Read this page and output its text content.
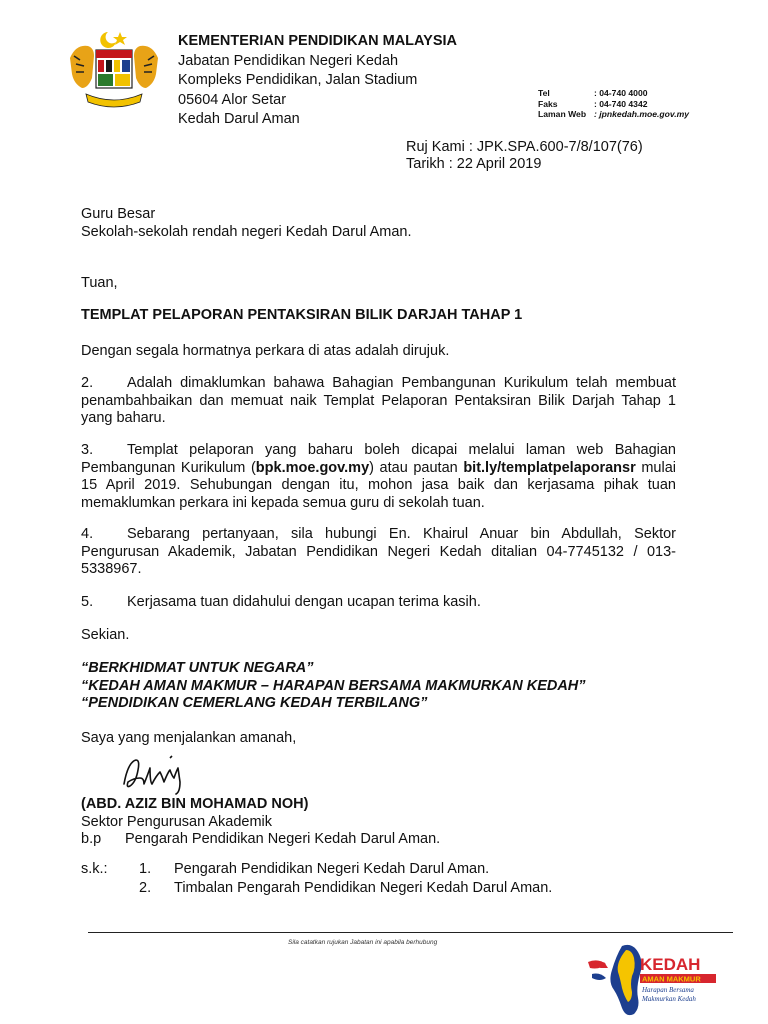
KEMENTERIAN PENDIDIKAN MALAYSIA
Jabatan Pendidikan Negeri Kedah
Kompleks Pendidikan, Jalan Stadium
05604 Alor Setar
Kedah Darul Aman
Tel	: 04-740 4000
Faks	: 04-740 4342
Laman Web : jpnkedah.moe.gov.my
Ruj Kami : JPK.SPA.600-7/8/107(76)
Tarikh : 22 April 2019
Guru Besar
Sekolah-sekolah rendah negeri Kedah Darul Aman.
Tuan,
TEMPLAT PELAPORAN PENTAKSIRAN BILIK DARJAH TAHAP 1
Dengan segala hormatnya perkara di atas adalah dirujuk.
2. Adalah dimaklumkan bahawa Bahagian Pembangunan Kurikulum telah membuat penambahbaikan dan memuat naik Templat Pelaporan Pentaksiran Bilik Darjah Tahap 1 yang baharu.
3. Templat pelaporan yang baharu boleh dicapai melalui laman web Bahagian Pembangunan Kurikulum (bpk.moe.gov.my) atau pautan bit.ly/templatpelaporansr mulai 15 April 2019. Sehubungan dengan itu, mohon jasa baik dan kerjasama pihak tuan memaklumkan perkara ini kepada semua guru di sekolah tuan.
4. Sebarang pertanyaan, sila hubungi En. Khairul Anuar bin Abdullah, Sektor Pengurusan Akademik, Jabatan Pendidikan Negeri Kedah ditalian 04-7745132 / 013-5338967.
5. Kerjasama tuan didahului dengan ucapan terima kasih.
Sekian.
“BERKHIDMAT UNTUK NEGARA”
“KEDAH AMAN MAKMUR – HARAPAN BERSAMA MAKMURKAN KEDAH”
“PENDIDIKAN CEMERLANG KEDAH TERBILANG”
Saya yang menjalankan amanah,
(ABD. AZIZ BIN MOHAMAD NOH)
Sektor Pengurusan Akademik
b.p Pengarah Pendidikan Negeri Kedah Darul Aman.
s.k.: 1. Pengarah Pendidikan Negeri Kedah Darul Aman.
2. Timbalan Pengarah Pendidikan Negeri Kedah Darul Aman.
Sila catatkan rujukan Jabatan ini apabila berhubung
KEDAH
AMAN MAKMUR
Harapan Bersama
Makmurkan Kedah
